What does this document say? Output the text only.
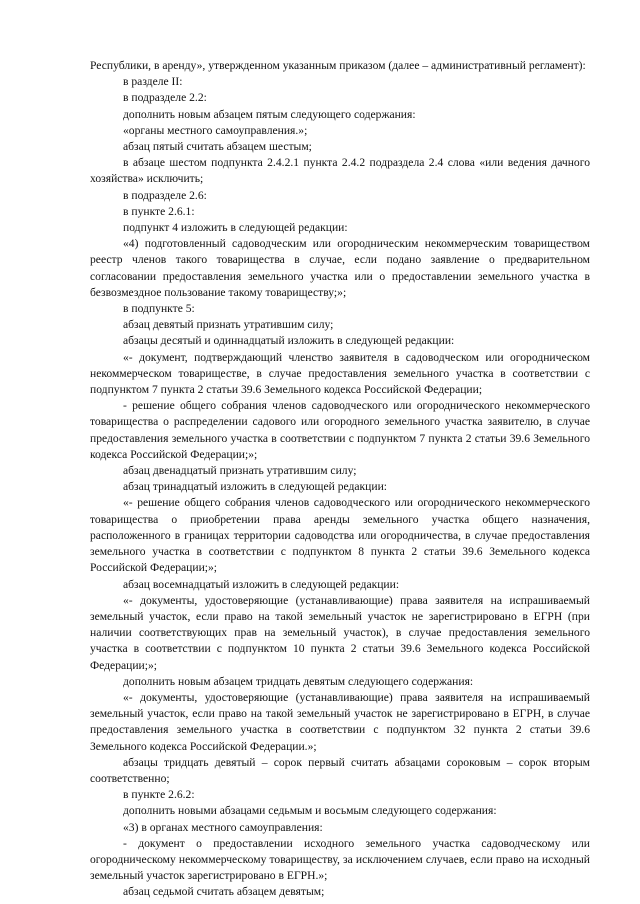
Республики, в аренду», утвержденном указанным приказом (далее – административный регламент):

в разделе II:

в подразделе 2.2:

дополнить новым абзацем пятым следующего содержания:

«органы местного самоуправления.»;

абзац пятый считать абзацем шестым;

в абзаце шестом подпункта 2.4.2.1 пункта 2.4.2 подраздела 2.4 слова «или ведения дачного хозяйства» исключить;

в подразделе 2.6:

в пункте 2.6.1:

подпункт 4 изложить в следующей редакции:

«4) подготовленный садоводческим или огородническим некоммерческим товариществом реестр членов такого товарищества в случае, если подано заявление о предварительном согласовании предоставления земельного участка или о предоставлении земельного участка в безвозмездное пользование такому товариществу;»;

в подпункте 5:

абзац девятый признать утратившим силу;

абзацы десятый и одиннадцатый изложить в следующей редакции:

«- документ, подтверждающий членство заявителя в садоводческом или огородническом некоммерческом товариществе, в случае предоставления земельного участка в соответствии с подпунктом 7 пункта 2 статьи 39.6 Земельного кодекса Российской Федерации;

- решение общего собрания членов садоводческого или огороднического некоммерческого товарищества о распределении садового или огородного земельного участка заявителю, в случае предоставления земельного участка в соответствии с подпунктом 7 пункта 2 статьи 39.6 Земельного кодекса Российской Федерации;»;

абзац двенадцатый признать утратившим силу;

абзац тринадцатый изложить в следующей редакции:

«- решение общего собрания членов садоводческого или огороднического некоммерческого товарищества о приобретении права аренды земельного участка общего назначения, расположенного в границах территории садоводства или огородничества, в случае предоставления земельного участка в соответствии с подпунктом 8 пункта 2 статьи 39.6 Земельного кодекса Российской Федерации;»;

абзац восемнадцатый изложить в следующей редакции:

«- документы, удостоверяющие (устанавливающие) права заявителя на испрашиваемый земельный участок, если право на такой земельный участок не зарегистрировано в ЕГРН (при наличии соответствующих прав на земельный участок), в случае предоставления земельного участка в соответствии с подпунктом 10 пункта 2 статьи 39.6 Земельного кодекса Российской Федерации;»;

дополнить новым абзацем тридцать девятым следующего содержания:

«- документы, удостоверяющие (устанавливающие) права заявителя на испрашиваемый земельный участок, если право на такой земельный участок не зарегистрировано в ЕГРН, в случае предоставления земельного участка в соответствии с подпунктом 32 пункта 2 статьи 39.6 Земельного кодекса Российской Федерации.»;

абзацы тридцать девятый – сорок первый считать абзацами сороковым – сорок вторым соответственно;

в пункте 2.6.2:

дополнить новыми абзацами седьмым и восьмым следующего содержания:

«3) в органах местного самоуправления:

- документ о предоставлении исходного земельного участка садоводческому или огородническому некоммерческому товариществу, за исключением случаев, если право на исходный земельный участок зарегистрировано в ЕГРН.»;

абзац седьмой считать абзацем девятым;
